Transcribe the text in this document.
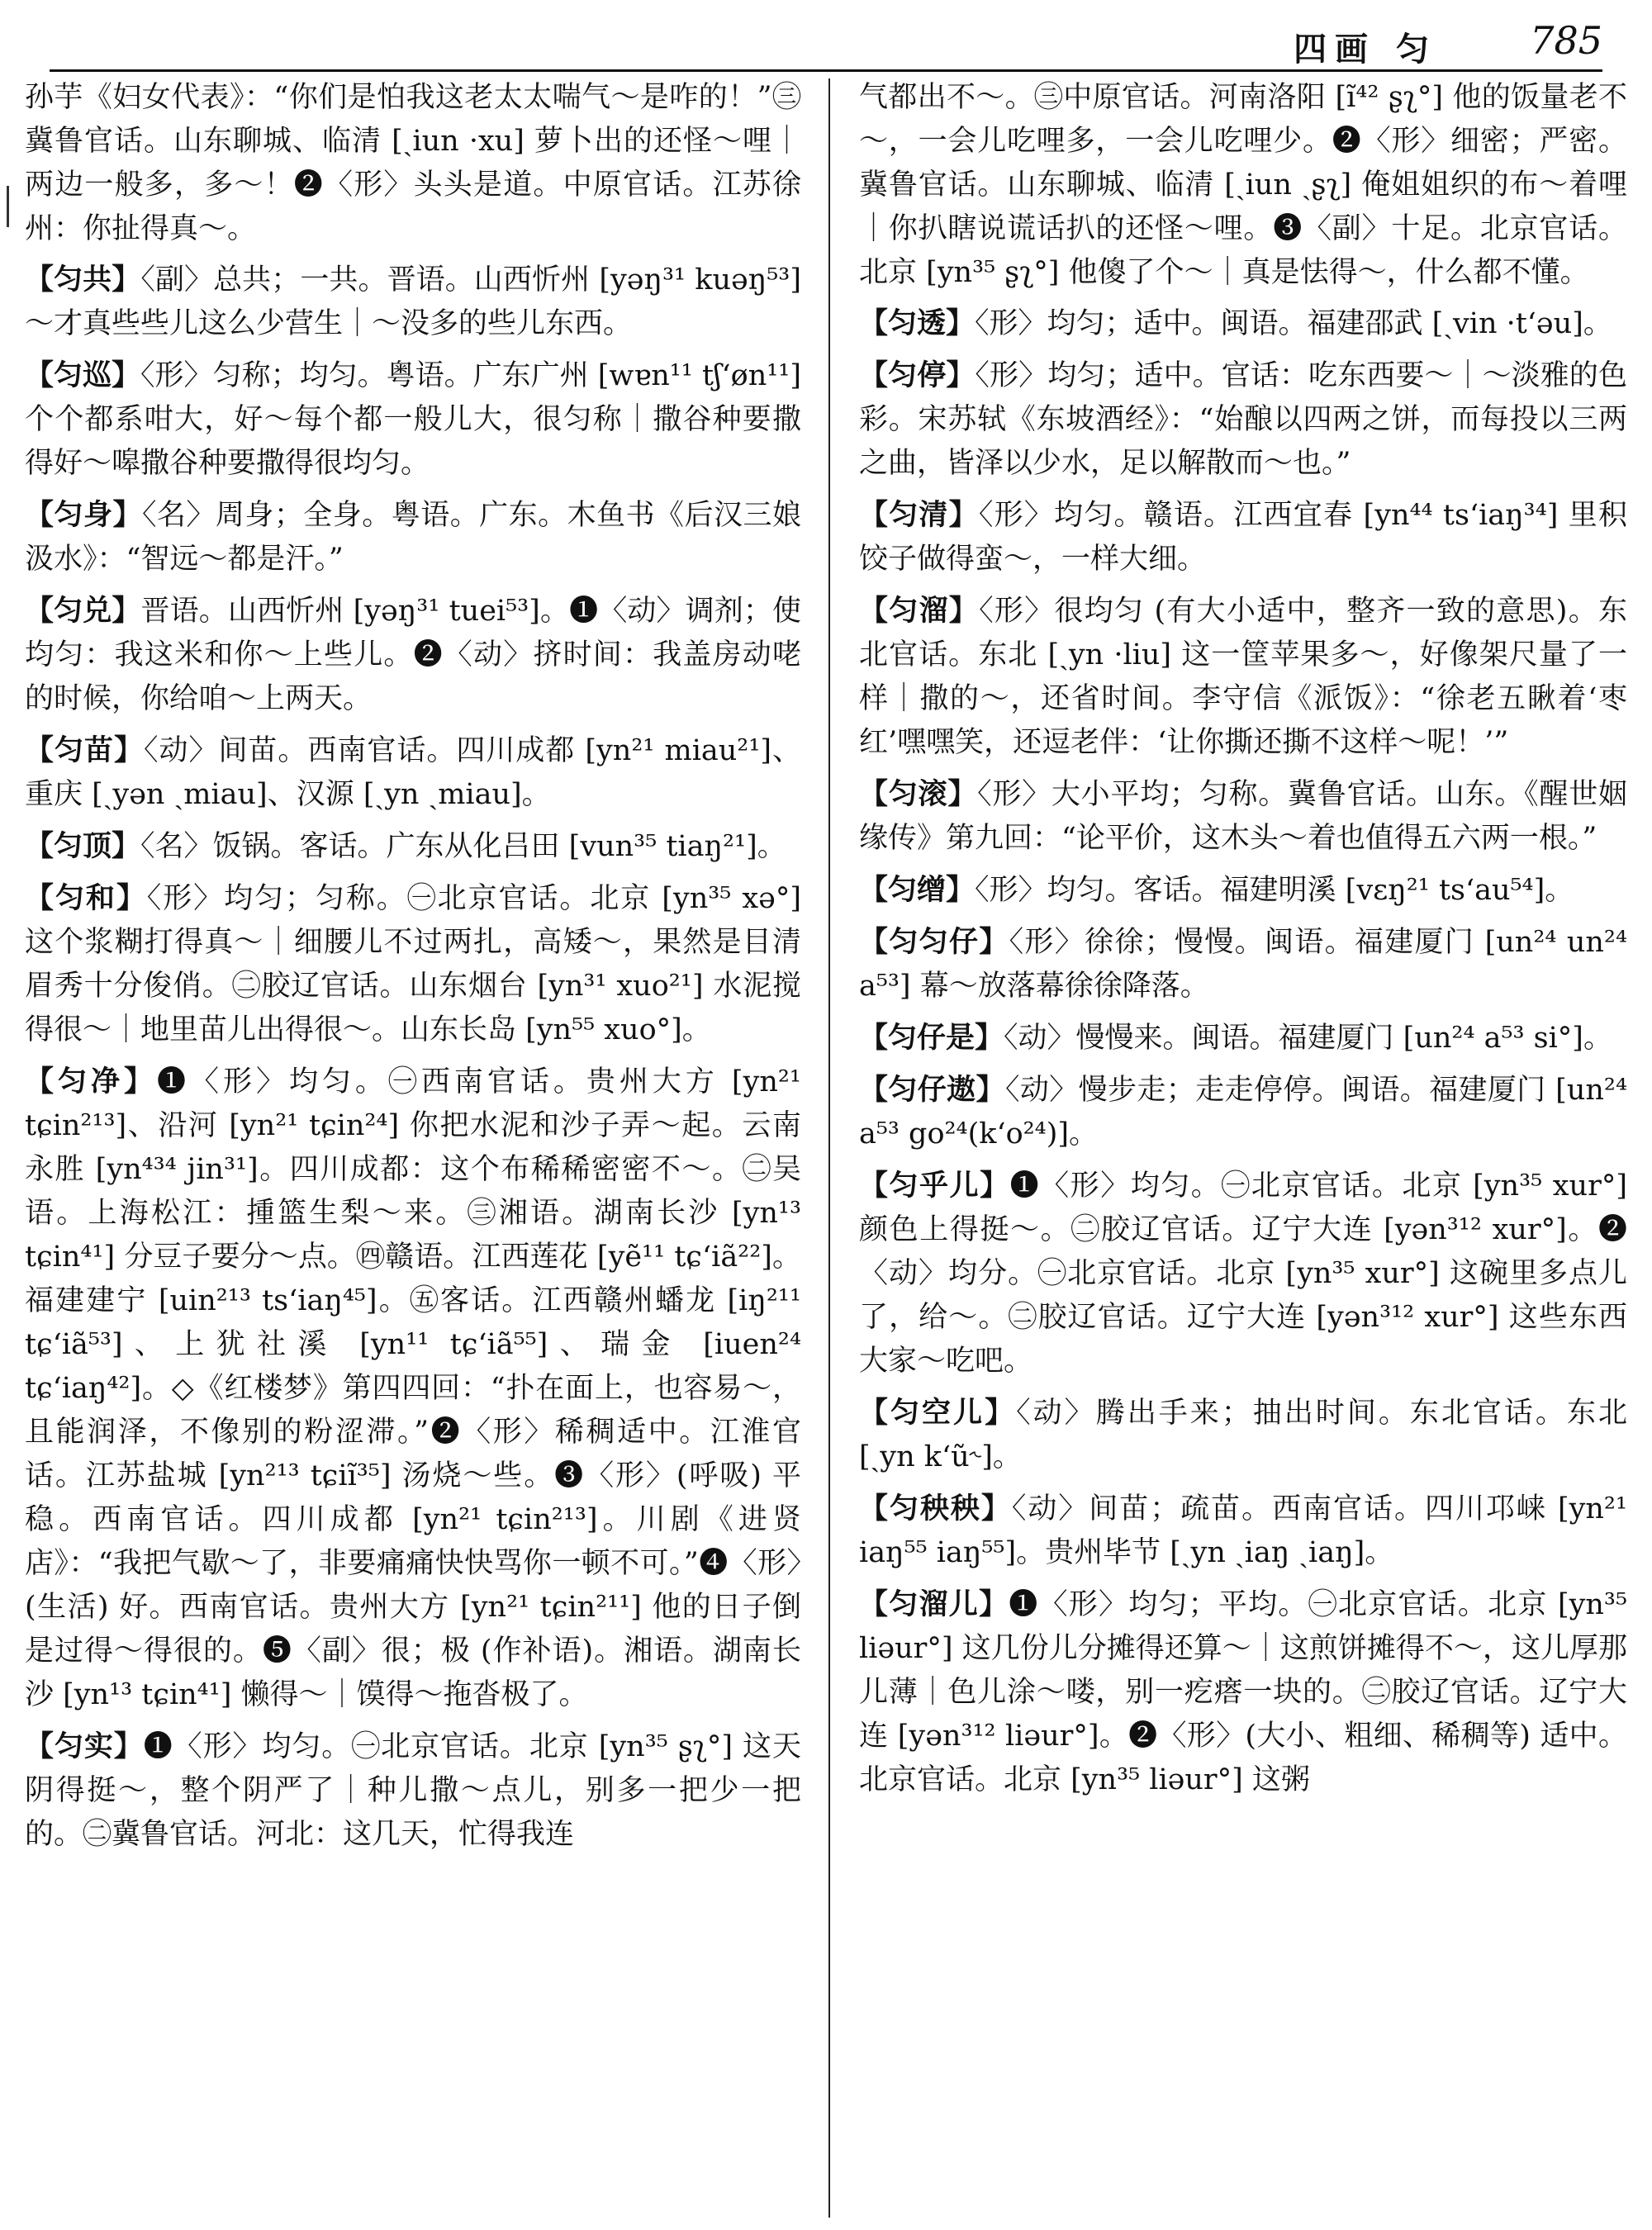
四画 匀 785

孙芋《妇女代表》：“你们是怕我这老太太喘气～是咋的！”㊂冀鲁官话。山东聊城、临清 [ˎiun ·xu] 萝卜出的还怪～哩｜两边一般多，多～！❷〈形〉头头是道。中原官话。江苏徐州：你扯得真～。

【匀共】〈副〉总共；一共。晋语。山西忻州 [yəŋ³¹ kuəŋ⁵³] ～才真些些儿这么少营生｜～没多的些儿东西。

【匀巡】〈形〉匀称；均匀。粤语。广东广州 [wɐn¹¹ tʃʻøn¹¹] 个个都系咁大，好～每个都一般儿大，很匀称｜撒谷种要撒得好～嗥撒谷种要撒得很均匀。

【匀身】〈名〉周身；全身。粤语。广东。木鱼书《后汉三娘汲水》：“智远～都是汗。”

【匀兑】晋语。山西忻州 [yəŋ³¹ tuei⁵³]。❶〈动〉调剂；使均匀：我这米和你～上些儿。❷〈动〉挤时间：我盖房动咾的时候，你给咱～上两天。

【匀苗】〈动〉间苗。西南官话。四川成都 [yn²¹ miau²¹]、重庆 [ˎyən ˎmiau]、汉源 [ˎyn ˎmiau]。

【匀顶】〈名〉饭锅。客话。广东从化吕田 [vun³⁵ tiaŋ²¹]。

【匀和】〈形〉均匀；匀称。㊀北京官话。北京 [yn³⁵ xə°] 这个浆糊打得真～｜细腰儿不过两扎，高矮～，果然是目清眉秀十分俊俏。㊁胶辽官话。山东烟台 [yn³¹ xuo²¹] 水泥搅得很～｜地里苗儿出得很～。山东长岛 [yn⁵⁵ xuo°]。

【匀净】❶〈形〉均匀。㊀西南官话。贵州大方 [yn²¹ tɕin²¹³]、沿河 [yn²¹ tɕin²⁴] 你把水泥和沙子弄～起。云南永胜 [yn⁴³⁴ jin³¹]。四川成都：这个布稀稀密密不～。㊁吴语。上海松江：揰篮生梨～来。㊂湘语。湖南长沙 [yn¹³ tɕin⁴¹] 分豆子要分～点。㊃赣语。江西莲花 [yẽ¹¹ tɕʻiã²²]。福建建宁 [uin²¹³ tsʻiaŋ⁴⁵]。㊄客话。江西赣州蟠龙 [iŋ²¹¹ tɕʻiã⁵³]、上犹社溪 [yn¹¹ tɕʻiã⁵⁵]、瑞金 [iuen²⁴ tɕʻiaŋ⁴²]。◇《红楼梦》第四四回：“扑在面上，也容易～，且能润泽，不像别的粉涩滞。”❷〈形〉稀稠适中。江淮官话。江苏盐城 [yn²¹³ tɕiĩ³⁵] 汤烧～些。❸〈形〉(呼吸) 平稳。西南官话。四川成都 [yn²¹ tɕin²¹³]。川剧《进贤店》：“我把气歇～了，非要痛痛快快骂你一顿不可。”❹〈形〉(生活) 好。西南官话。贵州大方 [yn²¹ tɕin²¹¹] 他的日子倒是过得～得很的。❺〈副〉很；极 (作补语)。湘语。湖南长沙 [yn¹³ tɕin⁴¹] 懒得～｜馍得～拖沓极了。

【匀实】❶〈形〉均匀。㊀北京官话。北京 [yn³⁵ ʂʅ°] 这天阴得挺～，整个阴严了｜种儿撒～点儿，别多一把少一把的。㊁冀鲁官话。河北：这几天，忙得我连

气都出不～。㊂中原官话。河南洛阳 [ĩ⁴² ʂʅ°] 他的饭量老不～，一会儿吃哩多，一会儿吃哩少。❷〈形〉细密；严密。冀鲁官话。山东聊城、临清 [ˎiun ˎʂʅ] 俺姐姐织的布～着哩｜你扒瞎说谎话扒的还怪～哩。❸〈副〉十足。北京官话。北京 [yn³⁵ ʂʅ°] 他傻了个～｜真是怯得～，什么都不懂。

【匀透】〈形〉均匀；适中。闽语。福建邵武 [ˎvin ·tʻəu]。

【匀停】〈形〉均匀；适中。官话：吃东西要～｜～淡雅的色彩。宋苏轼《东坡酒经》：“始酿以四两之饼，而每投以三两之曲，皆泽以少水，足以解散而～也。”

【匀清】〈形〉均匀。赣语。江西宜春 [yn⁴⁴ tsʻiaŋ³⁴] 里积饺子做得蛮～，一样大细。

【匀溜】〈形〉很均匀 (有大小适中，整齐一致的意思)。东北官话。东北 [ˎyn ·liu] 这一筐苹果多～，好像架尺量了一样｜撒的～，还省时间。李守信《派饭》：“徐老五瞅着‘枣红’嘿嘿笑，还逗老伴：‘让你撕还撕不这样～呢！’”

【匀滚】〈形〉大小平均；匀称。冀鲁官话。山东。《醒世姻缘传》第九回：“论平价，这木头～着也值得五六两一根。”

【匀缯】〈形〉均匀。客话。福建明溪 [vɛŋ²¹ tsʻau⁵⁴]。

【匀匀仔】〈形〉徐徐；慢慢。闽语。福建厦门 [un²⁴ un²⁴ a⁵³] 幕～放落幕徐徐降落。

【匀仔是】〈动〉慢慢来。闽语。福建厦门 [un²⁴ a⁵³ si°]。

【匀仔遨】〈动〉慢步走；走走停停。闽语。福建厦门 [un²⁴ a⁵³ go²⁴(kʻo²⁴)]。

【匀乎儿】❶〈形〉均匀。㊀北京官话。北京 [yn³⁵ xur°] 颜色上得挺～。㊁胶辽官话。辽宁大连 [yən³¹² xur°]。❷〈动〉均分。㊀北京官话。北京 [yn³⁵ xur°] 这碗里多点儿了，给～。㊁胶辽官话。辽宁大连 [yən³¹² xur°] 这些东西大家～吃吧。

【匀空儿】〈动〉腾出手来；抽出时间。东北官话。东北 [ˎyn kʻũ˞]。

【匀秧秧】〈动〉间苗；疏苗。西南官话。四川邛崃 [yn²¹ iaŋ⁵⁵ iaŋ⁵⁵]。贵州毕节 [ˎyn ˎiaŋ ˎiaŋ]。

【匀溜儿】❶〈形〉均匀；平均。㊀北京官话。北京 [yn³⁵ liəur°] 这几份儿分摊得还算～｜这煎饼摊得不～，这儿厚那儿薄｜色儿涂～喽，别一疙瘩一块的。㊁胶辽官话。辽宁大连 [yən³¹² liəur°]。❷〈形〉(大小、粗细、稀稠等) 适中。北京官话。北京 [yn³⁵ liəur°] 这粥
